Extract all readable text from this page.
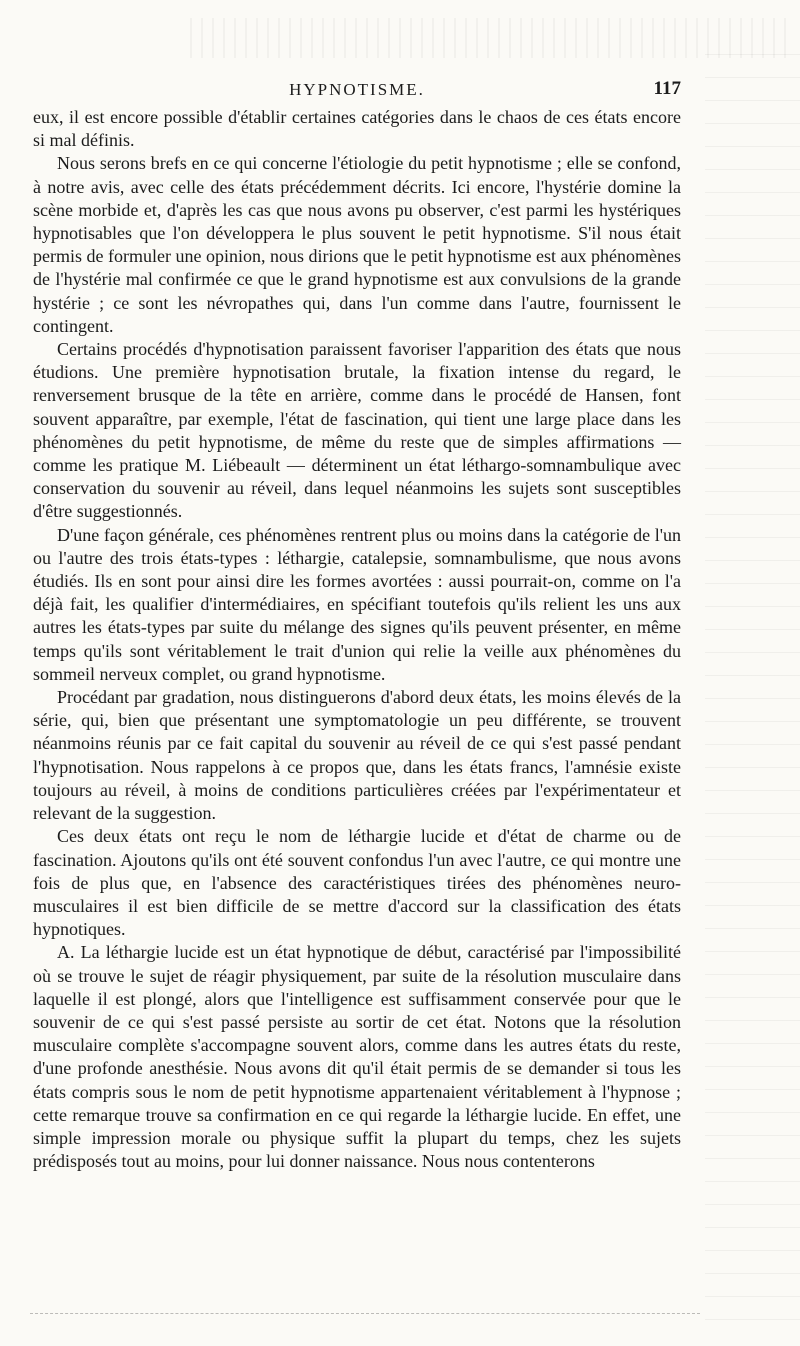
HYPNOTISME.	117

eux, il est encore possible d'établir certaines catégories dans le chaos de ces états encore si mal définis.

Nous serons brefs en ce qui concerne l'étiologie du petit hypnotisme ; elle se confond, à notre avis, avec celle des états précédemment décrits. Ici encore, l'hystérie domine la scène morbide et, d'après les cas que nous avons pu observer, c'est parmi les hystériques hypnotisables que l'on développera le plus souvent le petit hypnotisme. S'il nous était permis de formuler une opinion, nous dirions que le petit hypnotisme est aux phénomènes de l'hystérie mal confirmée ce que le grand hypnotisme est aux convulsions de la grande hystérie ; ce sont les névropathes qui, dans l'un comme dans l'autre, fournissent le contingent.

Certains procédés d'hypnotisation paraissent favoriser l'apparition des états que nous étudions. Une première hypnotisation brutale, la fixation intense du regard, le renversement brusque de la tête en arrière, comme dans le procédé de Hansen, font souvent apparaître, par exemple, l'état de fascination, qui tient une large place dans les phénomènes du petit hypnotisme, de même du reste que de simples affirmations — comme les pratique M. Liébeault — déterminent un état léthargo-somnambulique avec conservation du souvenir au réveil, dans lequel néanmoins les sujets sont susceptibles d'être suggestionnés.

D'une façon générale, ces phénomènes rentrent plus ou moins dans la catégorie de l'un ou l'autre des trois états-types : léthargie, catalepsie, somnambulisme, que nous avons étudiés. Ils en sont pour ainsi dire les formes avortées : aussi pourrait-on, comme on l'a déjà fait, les qualifier d'intermédiaires, en spécifiant toutefois qu'ils relient les uns aux autres les états-types par suite du mélange des signes qu'ils peuvent présenter, en même temps qu'ils sont véritablement le trait d'union qui relie la veille aux phénomènes du sommeil nerveux complet, ou grand hypnotisme.

Procédant par gradation, nous distinguerons d'abord deux états, les moins élevés de la série, qui, bien que présentant une symptomatologie un peu différente, se trouvent néanmoins réunis par ce fait capital du souvenir au réveil de ce qui s'est passé pendant l'hypnotisation. Nous rappelons à ce propos que, dans les états francs, l'amnésie existe toujours au réveil, à moins de conditions particulières créées par l'expérimentateur et relevant de la suggestion.

Ces deux états ont reçu le nom de léthargie lucide et d'état de charme ou de fascination. Ajoutons qu'ils ont été souvent confondus l'un avec l'autre, ce qui montre une fois de plus que, en l'absence des caractéristiques tirées des phénomènes neuro-musculaires il est bien difficile de se mettre d'accord sur la classification des états hypnotiques.

A. La léthargie lucide est un état hypnotique de début, caractérisé par l'impossibilité où se trouve le sujet de réagir physiquement, par suite de la résolution musculaire dans laquelle il est plongé, alors que l'intelligence est suffisamment conservée pour que le souvenir de ce qui s'est passé persiste au sortir de cet état. Notons que la résolution musculaire complète s'accompagne souvent alors, comme dans les autres états du reste, d'une profonde anesthésie. Nous avons dit qu'il était permis de se demander si tous les états compris sous le nom de petit hypnotisme appartenaient véritablement à l'hypnose ; cette remarque trouve sa confirmation en ce qui regarde la léthargie lucide. En effet, une simple impression morale ou physique suffit la plupart du temps, chez les sujets prédisposés tout au moins, pour lui donner naissance. Nous nous contenterons
